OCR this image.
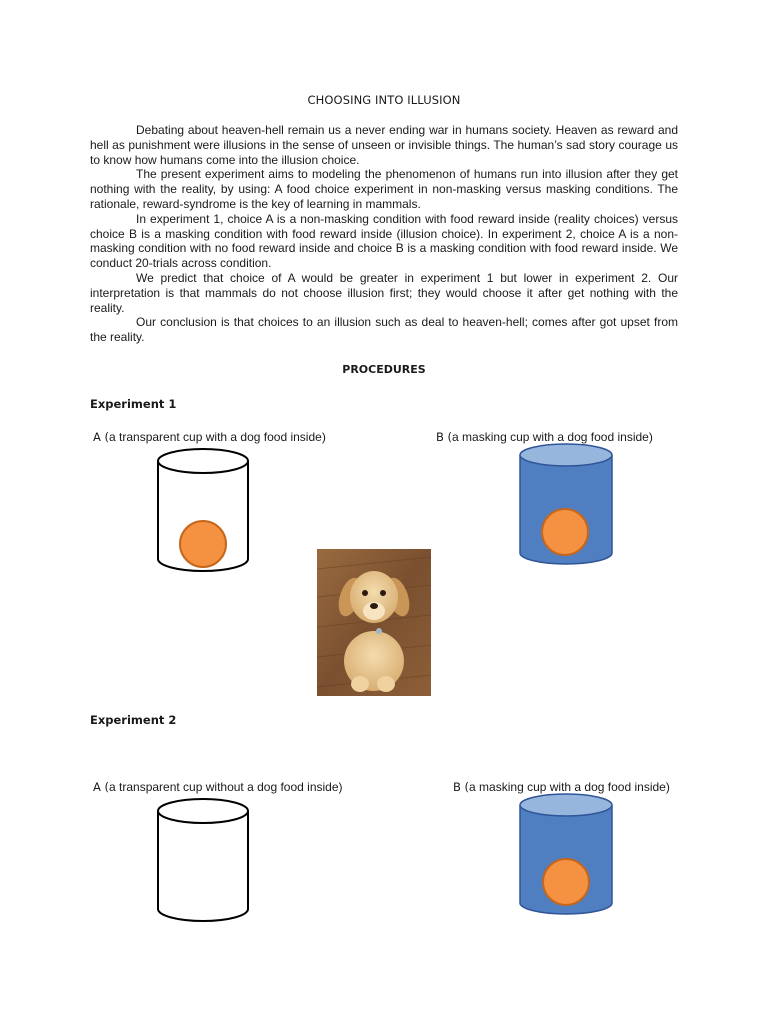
CHOOSING INTO ILLUSION

Debating about heaven-hell remain us a never ending war in humans society. Heaven as reward and hell as punishment were illusions in the sense of unseen or invisible things. The human’s sad story courage us to know how humans come into the illusion choice.

The present experiment aims to modeling the phenomenon of humans run into illusion after they get nothing with the reality, by using: A food choice experiment in non-masking versus masking conditions. The rationale, reward-syndrome is the key of learning in mammals.

In experiment 1, choice A is a non-masking condition with food reward inside (reality choices) versus choice B is a masking condition with food reward inside (illusion choice). In experiment 2, choice A is a non-masking condition with no food reward inside and choice B is a masking condition with food reward inside. We conduct 20-trials across condition.

We predict that choice of A would be greater in experiment 1 but lower in experiment 2. Our interpretation is that mammals do not choose illusion first; they would choose it after get nothing with the reality.

Our conclusion is that choices to an illusion such as deal to heaven-hell; comes after got upset from the reality.

PROCEDURES
Experiment 1
A (a transparent cup with a dog food inside)	B (a masking cup with a dog food inside)
Experiment 2
A (a transparent cup without a dog food inside)	B (a masking cup with a dog food inside)
